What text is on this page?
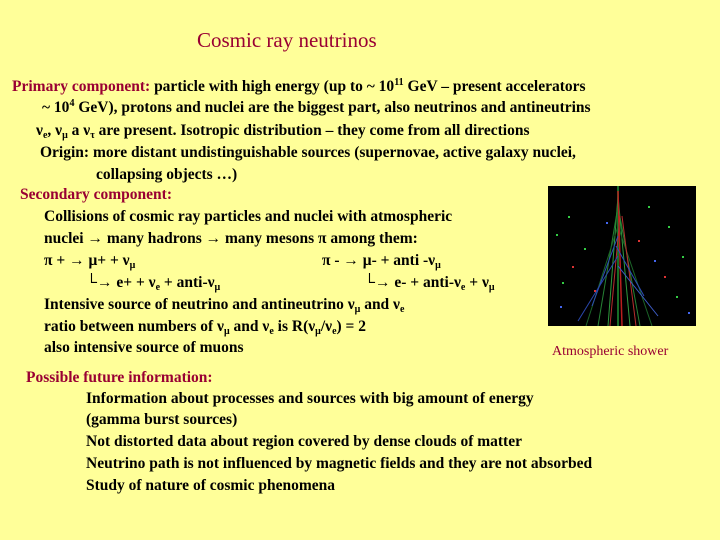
Cosmic ray neutrinos
Primary component: particle with high energy (up to ~ $10^{11}$ GeV – present accelerators
~ $10^4$ GeV), protons and nuclei are the biggest part, also neutrinos and antineutrins
$\nu_e$, $\nu_\mu$ a $\nu_\tau$ are present. Isotropic distribution – they come from all directions
Origin: more distant undistinguishable sources (supernovae, active galaxy nuclei,
collapsing objects …)
Secondary component:
Collisions of cosmic ray particles and nuclei with atmospheric
nuclei → many hadrons → many mesons π among them:
π + → $\mu+ + \nu_\mu$	π - → μ- + anti $-\nu_\mu$
└→ $e+ + \nu_e$ + anti-$\nu_\mu$	└→ e- + anti-$\nu_e + \nu_\mu$
Intensive source of neutrino and antineutrino $\nu_\mu$ and $\nu_e$
ratio between numbers of $\nu_\mu$ and $\nu_e$ is $R(\nu_\mu/\nu_e) = 2$
also intensive source of muons	Atmospheric shower
Possible future information:
Information about processes and sources with big amount of energy
(gamma burst sources)
Not distorted data about region covered by dense clouds of matter
Neutrino path is not influenced by magnetic fields and they are not absorbed
Study of nature of cosmic phenomena
